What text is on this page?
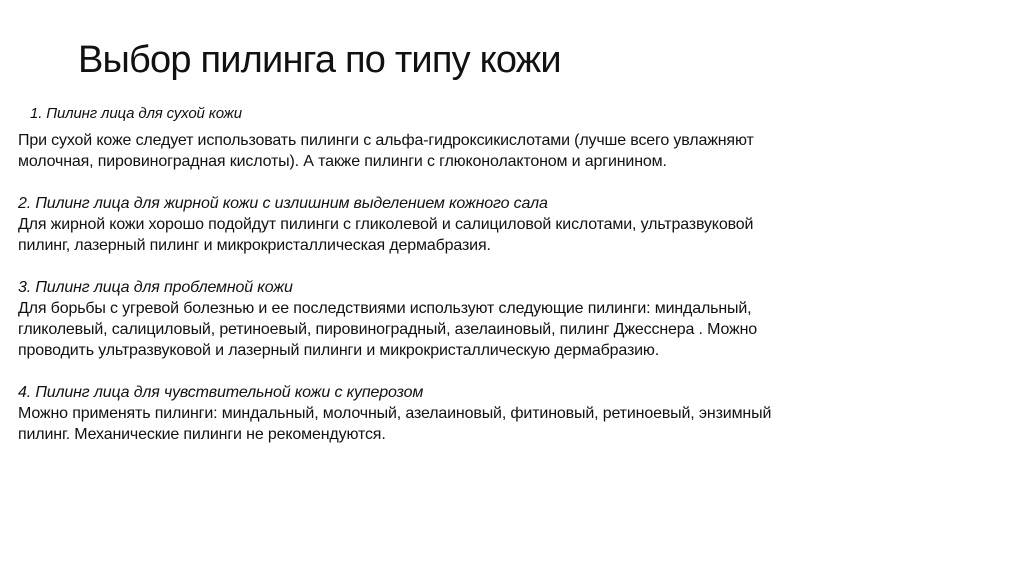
Выбор пилинга по типу кожи
1. Пилинг лица для сухой кожи
При сухой коже следует использовать пилинги с альфа-гидроксикислотами (лучше всего увлажняют
молочная, пировиноградная кислоты). А также пилинги с глюконолактоном и аргинином.
2. Пилинг лица для жирной кожи с излишним выделением кожного сала
Для жирной кожи хорошо подойдут пилинги с гликолевой и салициловой кислотами, ультразвуковой
пилинг, лазерный пилинг и микрокристаллическая дермабразия.
3. Пилинг лица для проблемной кожи
Для борьбы с угревой болезнью и ее последствиями используют следующие пилинги: миндальный,
гликолевый, салициловый, ретиноевый, пировиноградный, азелаиновый, пилинг Джесснера . Можно
проводить ультразвуковой и лазерный пилинги и микрокристаллическую дермабразию.
4. Пилинг лица для чувствительной кожи с куперозом
Можно применять пилинги: миндальный, молочный, азелаиновый, фитиновый, ретиноевый, энзимный
пилинг. Механические пилинги не рекомендуются.
